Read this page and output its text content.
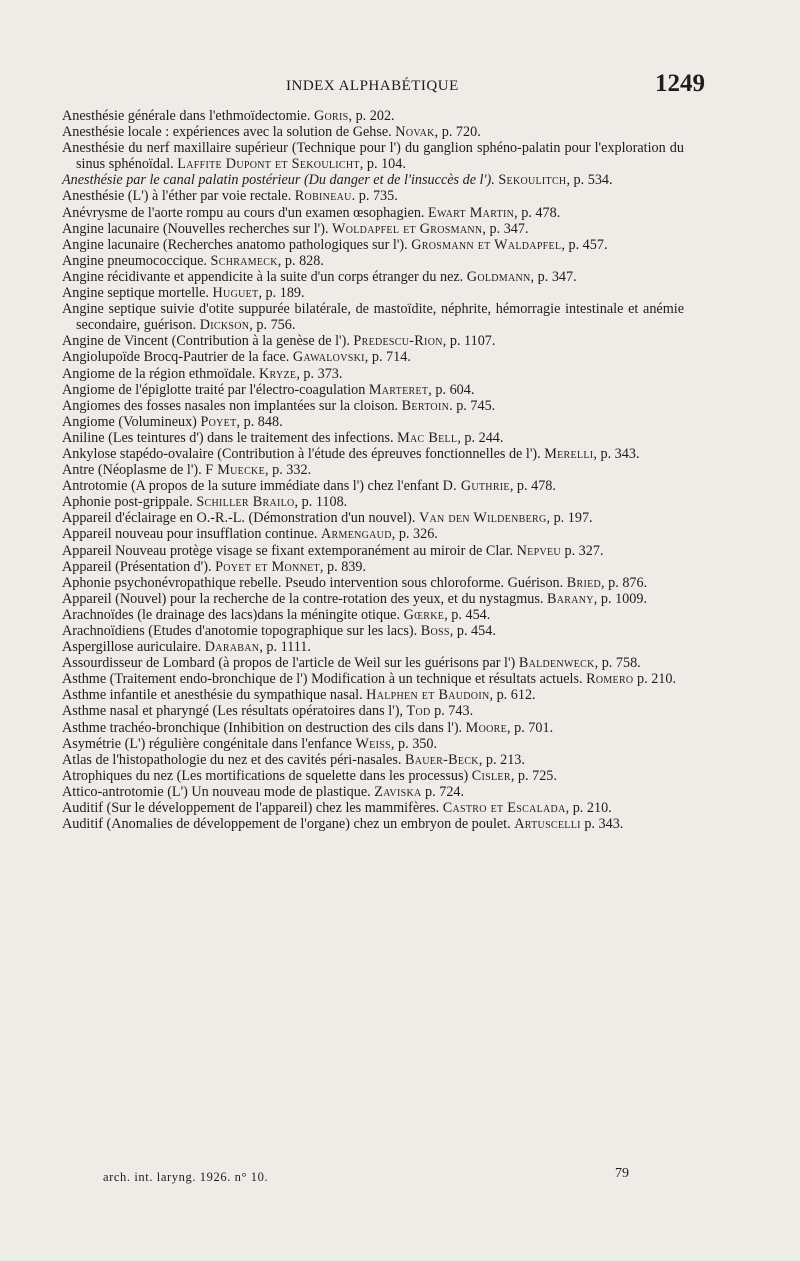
INDEX ALPHABÉTIQUE	1249

Anesthésie générale dans l'ethmoïdectomie. Goris, p. 202.

Anesthésie locale : expériences avec la solution de Gehse. Novak, p. 720.

Anesthésie du nerf maxillaire supérieur (Technique pour l') du ganglion sphéno-palatin pour l'exploration du sinus sphénoïdal. Laffite Dupont et Sekoulicht, p. 104.

Anesthésie par le canal palatin postérieur (Du danger et de l'insuccès de l'). Sekoulitch, p. 534.

Anesthésie (L') à l'éther par voie rectale. Robineau. p. 735.

Anévrysme de l'aorte rompu au cours d'un examen œsophagien. Ewart Martin, p. 478.

Angine lacunaire (Nouvelles recherches sur l'). Woldapfel et Grosmann, p. 347.

Angine lacunaire (Recherches anatomo pathologiques sur l'). Grosmann et Waldapfel, p. 457.

Angine pneumococcique. Schrameck, p. 828.

Angine récidivante et appendicite à la suite d'un corps étranger du nez. Goldmann, p. 347.

Angine septique mortelle. Huguet, p. 189.

Angine septique suivie d'otite suppurée bilatérale, de mastoïdite, néphrite, hémorragie intestinale et anémie secondaire, guérison. Dickson, p. 756.

Angine de Vincent (Contribution à la genèse de l'). Predescu-Rion, p. 1107.

Angiolupoïde Brocq-Pautrier de la face. Gawalovski, p. 714.

Angiome de la région ethmoïdale. Kryze, p. 373.

Angiome de l'épiglotte traité par l'électro-coagulation Marteret, p. 604.

Angiomes des fosses nasales non implantées sur la cloison. Bertoin. p. 745.

Angiome (Volumineux) Poyet, p. 848.

Aniline (Les teintures d') dans le traitement des infections. Mac Bell, p. 244.

Ankylose stapédo-ovalaire (Contribution à l'étude des épreuves fonctionnelles de l'). Merelli, p. 343.

Antre (Néoplasme de l'). F Muecke, p. 332.

Antrotomie (A propos de la suture immédiate dans l') chez l'enfant D. Guthrie, p. 478.

Aphonie post-grippale. Schiller Brailo, p. 1108.

Appareil d'éclairage en O.-R.-L. (Démonstration d'un nouvel). Van den Wildenberg, p. 197.

Appareil nouveau pour insufflation continue. Armengaud, p. 326.

Appareil Nouveau protège visage se fixant extemporanément au miroir de Clar. Nepveu p. 327.

Appareil (Présentation d'). Poyet et Monnet, p. 839.

Aphonie psychonévropathique rebelle. Pseudo intervention sous chloroforme. Guérison. Bried, p. 876.

Appareil (Nouvel) pour la recherche de la contre-rotation des yeux, et du nystagmus. Barany, p. 1009.

Arachnoïdes (le drainage des lacs)dans la méningite otique. Gœrke, p. 454.

Arachnoïdiens (Etudes d'anotomie topographique sur les lacs). Boss, p. 454.

Aspergillose auriculaire. Daraban, p. 1111.

Assourdisseur de Lombard (à propos de l'article de Weil sur les guérisons par l') Baldenweck, p. 758.

Asthme (Traitement endo-bronchique de l') Modification à un technique et résultats actuels. Romero p. 210.

Asthme infantile et anesthésie du sympathique nasal. Halphen et Baudoin, p. 612.

Asthme nasal et pharyngé (Les résultats opératoires dans l'), Tod p. 743.

Asthme trachéo-bronchique (Inhibition on destruction des cils dans l'). Moore, p. 701.

Asymétrie (L') régulière congénitale dans l'enfance Weiss, p. 350.

Atlas de l'histopathologie du nez et des cavités péri-nasales. Bauer-Beck, p. 213.

Atrophiques du nez (Les mortifications de squelette dans les processus) Cisler, p. 725.

Attico-antrotomie (L') Un nouveau mode de plastique. Zaviska p. 724.

Auditif (Sur le développement de l'appareil) chez les mammifères. Castro et Escalada, p. 210.

Auditif (Anomalies de développement de l'organe) chez un embryon de poulet. Artuscelli p. 343.

arch. int. laryng. 1926. n° 10.	79
